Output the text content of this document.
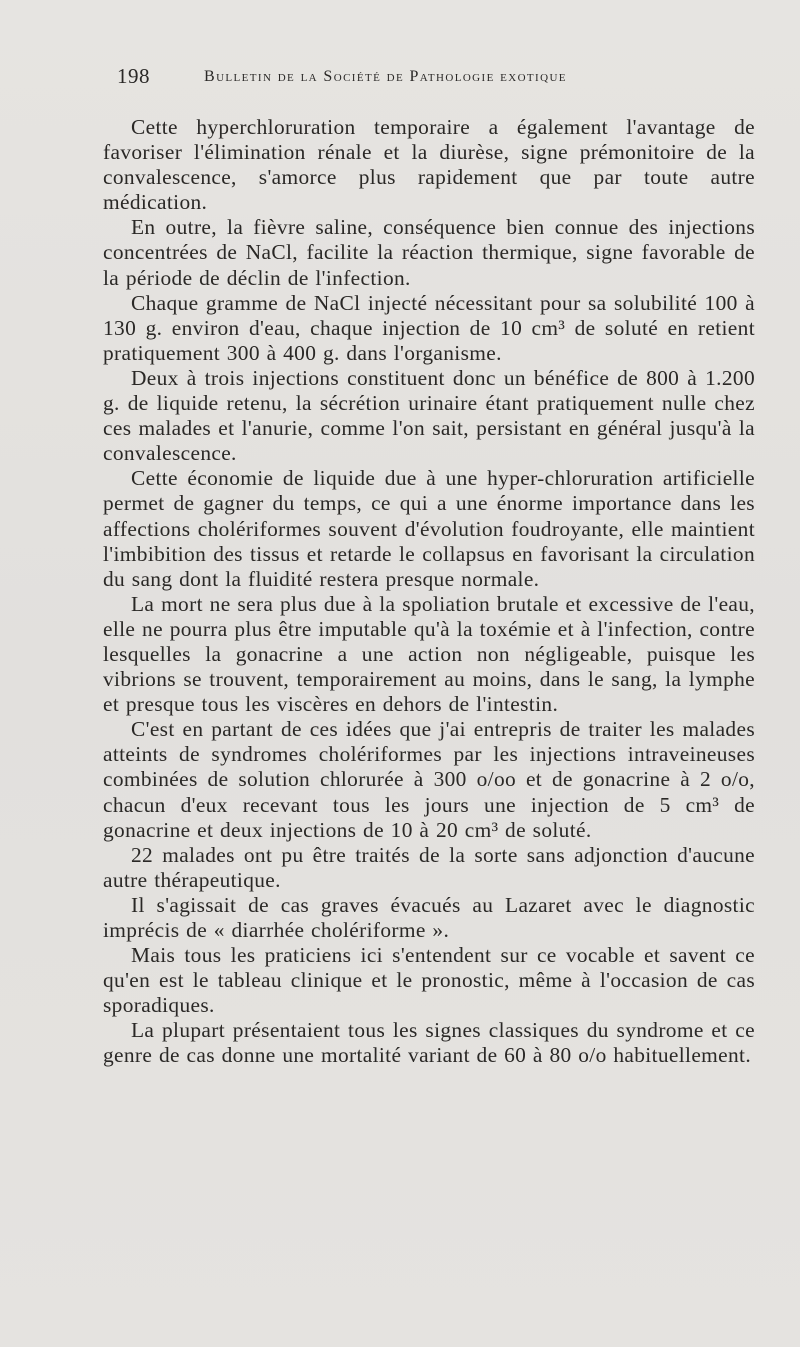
198	Bulletin de la Société de Pathologie exotique

Cette hyperchloruration temporaire a également l'avantage de favoriser l'élimination rénale et la diurèse, signe prémonitoire de la convalescence, s'amorce plus rapidement que par toute autre médication.

En outre, la fièvre saline, conséquence bien connue des injections concentrées de NaCl, facilite la réaction thermique, signe favorable de la période de déclin de l'infection.

Chaque gramme de NaCl injecté nécessitant pour sa solubilité 100 à 130 g. environ d'eau, chaque injection de 10 cm³ de soluté en retient pratiquement 300 à 400 g. dans l'organisme.

Deux à trois injections constituent donc un bénéfice de 800 à 1.200 g. de liquide retenu, la sécrétion urinaire étant pratiquement nulle chez ces malades et l'anurie, comme l'on sait, persistant en général jusqu'à la convalescence.

Cette économie de liquide due à une hyper-chloruration artificielle permet de gagner du temps, ce qui a une énorme importance dans les affections cholériformes souvent d'évolution foudroyante, elle maintient l'imbibition des tissus et retarde le collapsus en favorisant la circulation du sang dont la fluidité restera presque normale.

La mort ne sera plus due à la spoliation brutale et excessive de l'eau, elle ne pourra plus être imputable qu'à la toxémie et à l'infection, contre lesquelles la gonacrine a une action non négligeable, puisque les vibrions se trouvent, temporairement au moins, dans le sang, la lymphe et presque tous les viscères en dehors de l'intestin.

C'est en partant de ces idées que j'ai entrepris de traiter les malades atteints de syndromes cholériformes par les injections intraveineuses combinées de solution chlorurée à 300 o/oo et de gonacrine à 2 o/o, chacun d'eux recevant tous les jours une injection de 5 cm³ de gonacrine et deux injections de 10 à 20 cm³ de soluté.

22 malades ont pu être traités de la sorte sans adjonction d'aucune autre thérapeutique.

Il s'agissait de cas graves évacués au Lazaret avec le diagnostic imprécis de « diarrhée cholériforme ».

Mais tous les praticiens ici s'entendent sur ce vocable et savent ce qu'en est le tableau clinique et le pronostic, même à l'occasion de cas sporadiques.

La plupart présentaient tous les signes classiques du syndrome et ce genre de cas donne une mortalité variant de 60 à 80 o/o habituellement.
